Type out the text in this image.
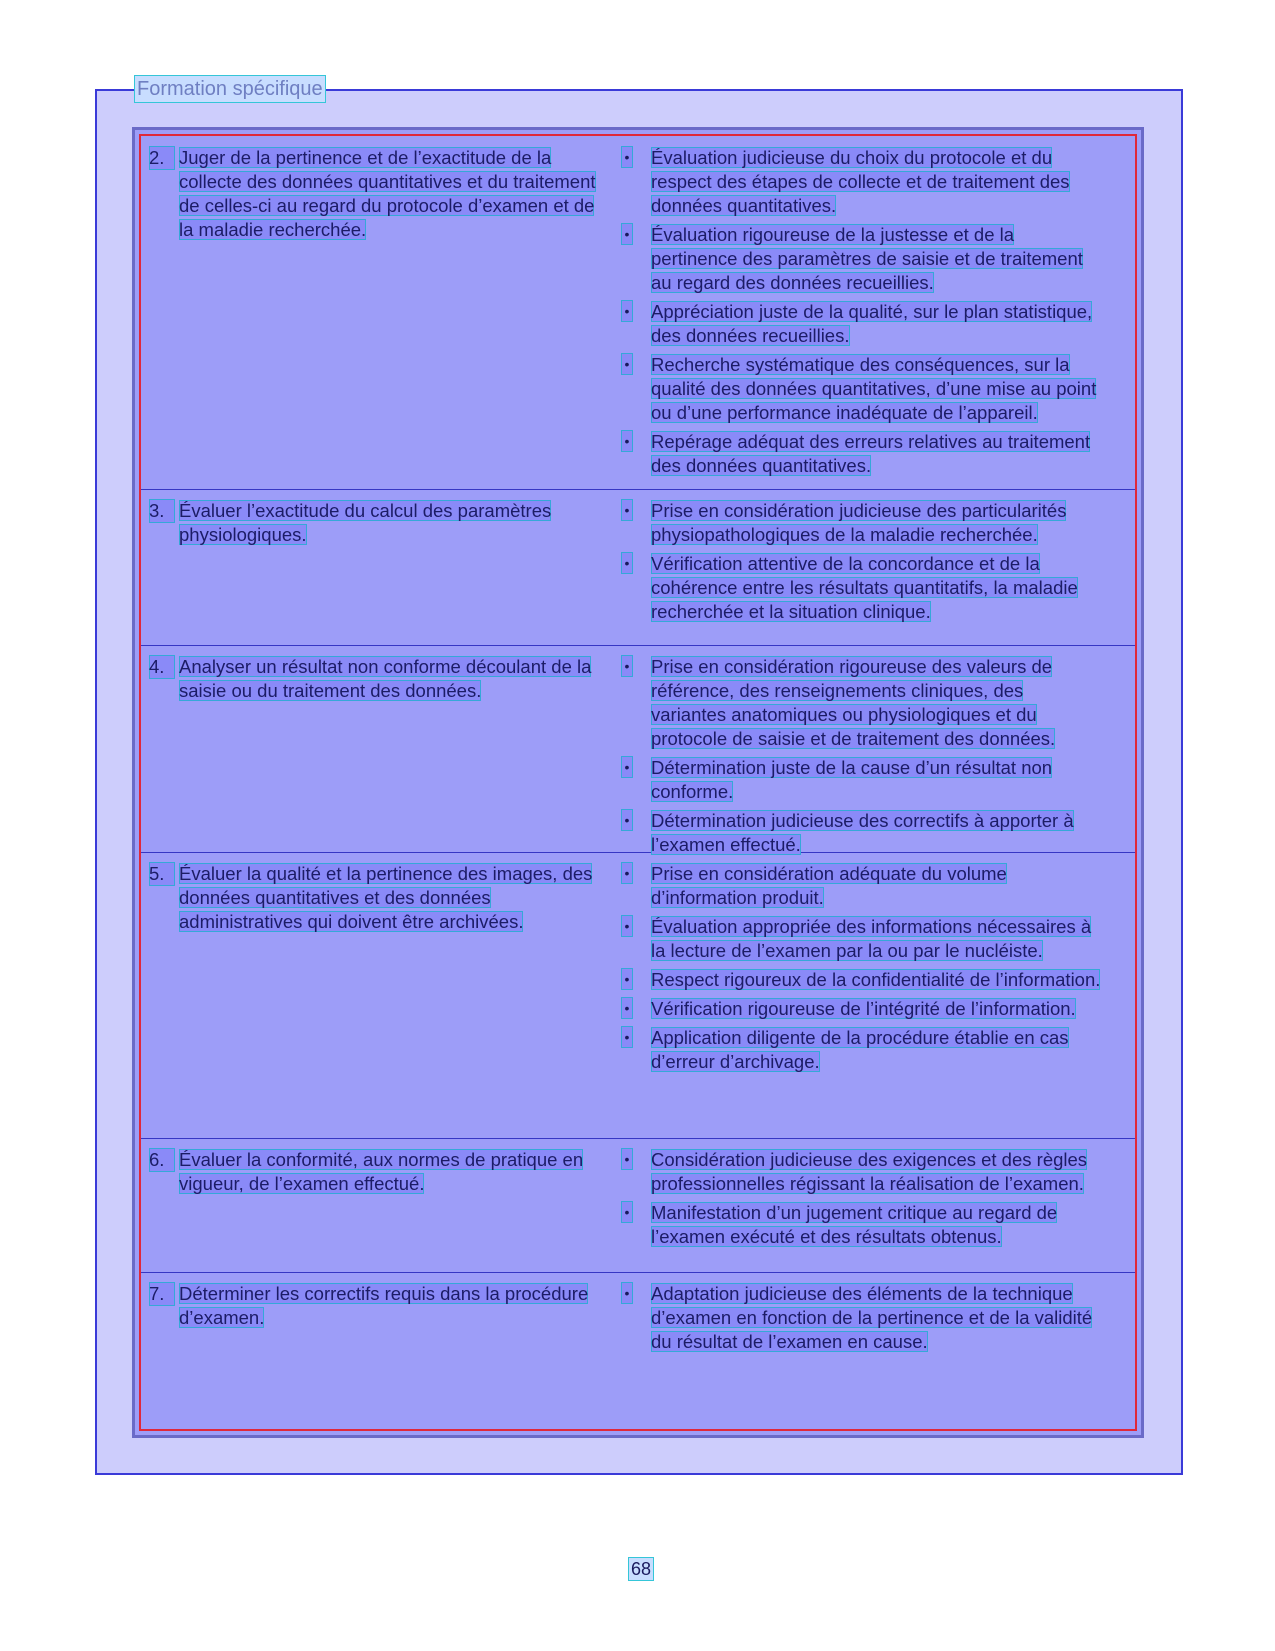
Formation spécifique
2. Juger de la pertinence et de l’exactitude de la collecte des données quantitatives et du traitement de celles-ci au regard du protocole d’examen et de la maladie recherchée.
• Évaluation judicieuse du choix du protocole et du respect des étapes de collecte et de traitement des données quantitatives.
• Évaluation rigoureuse de la justesse et de la pertinence des paramètres de saisie et de traitement au regard des données recueillies.
• Appréciation juste de la qualité, sur le plan statistique, des données recueillies.
• Recherche systématique des conséquences, sur la qualité des données quantitatives, d’une mise au point ou d’une performance inadéquate de l’appareil.
• Repérage adéquat des erreurs relatives au traitement des données quantitatives.
3. Évaluer l’exactitude du calcul des paramètres physiologiques.
• Prise en considération judicieuse des particularités physiopathologiques de la maladie recherchée.
• Vérification attentive de la concordance et de la cohérence entre les résultats quantitatifs, la maladie recherchée et la situation clinique.
4. Analyser un résultat non conforme découlant de la saisie ou du traitement des données.
• Prise en considération rigoureuse des valeurs de référence, des renseignements cliniques, des variantes anatomiques ou physiologiques et du protocole de saisie et de traitement des données.
• Détermination juste de la cause d’un résultat non conforme.
• Détermination judicieuse des correctifs à apporter à l’examen effectué.
5. Évaluer la qualité et la pertinence des images, des données quantitatives et des données administratives qui doivent être archivées.
• Prise en considération adéquate du volume d’information produit.
• Évaluation appropriée des informations nécessaires à la lecture de l’examen par la ou par le nucléiste.
• Respect rigoureux de la confidentialité de l’information.
• Vérification rigoureuse de l’intégrité de l’information.
• Application diligente de la procédure établie en cas d’erreur d’archivage.
6. Évaluer la conformité, aux normes de pratique en vigueur, de l’examen effectué.
• Considération judicieuse des exigences et des règles professionnelles régissant la réalisation de l’examen.
• Manifestation d’un jugement critique au regard de l’examen exécuté et des résultats obtenus.
7. Déterminer les correctifs requis dans la procédure d’examen.
• Adaptation judicieuse des éléments de la technique d’examen en fonction de la pertinence et de la validité du résultat de l’examen en cause.
68
